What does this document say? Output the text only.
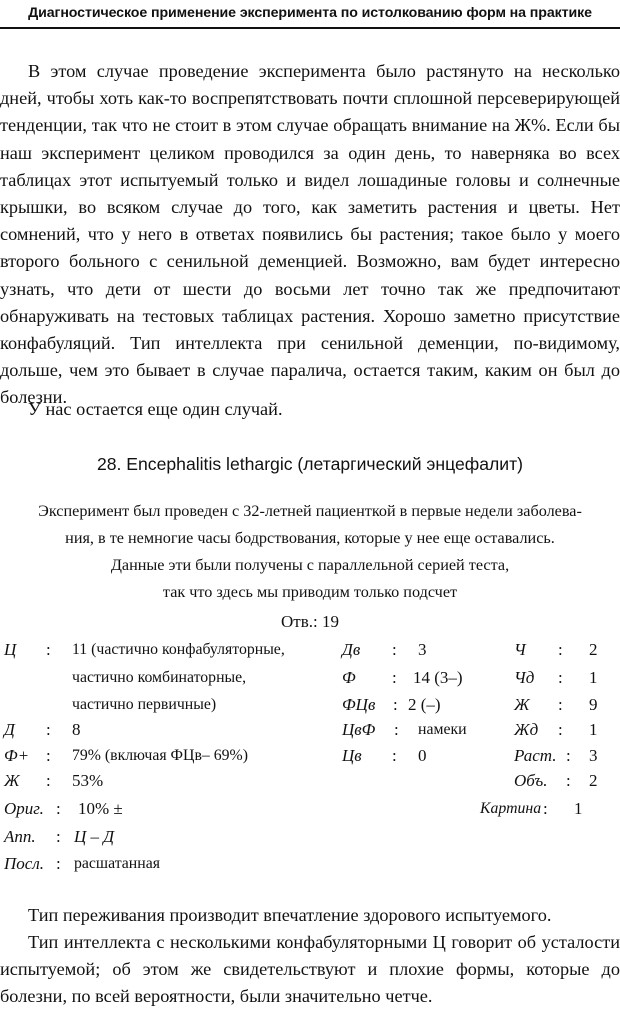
Диагностическое применение эксперимента по истолкованию форм на практике

В этом случае проведение эксперимента было растянуто на несколько дней, чтобы хоть как-то воспрепятствовать почти сплошной персеверирующей тенденции, так что не стоит в этом случае обращать внимание на Ж%. Если бы наш эксперимент целиком проводился за один день, то наверняка во всех таблицах этот испытуемый только и видел лошадиные головы и солнечные крышки, во всяком случае до того, как заметить растения и цветы. Нет сомнений, что у него в ответах появились бы растения; такое было у моего второго больного с сенильной деменцией. Возможно, вам будет интересно узнать, что дети от шести до восьми лет точно так же предпочитают обнаруживать на тестовых таблицах растения. Хорошо заметно присутствие конфабуляций. Тип интеллекта при сенильной деменции, по-видимому, дольше, чем это бывает в случае паралича, остается таким, каким он был до болезни.

У нас остается еще один случай.

28. Encephalitis lethargic (летаргический энцефалит)
Эксперимент был проведен с 32-летней пациенткой в первые недели заболева-
ния, в те немногие часы бодрствования, которые у нее еще оставались.
Данные эти были получены с параллельной серией теста,
так что здесь мы приводим только подсчет
Отв.: 19
Ц : 11 (частично конфабуляторные,
частично комбинаторные,
частично первичные)
Д : 8
Ф+ : 79% (включая ФЦв– 69%)
Ж : 53%
Ориг. : 10% ±
Апп. : Ц – Д
Посл. : расшатанная
Дв : 3
Ф : 14 (3–)
ФЦв : 2 (–)
ЦвФ : намеки
Цв : 0
Ч : 2
Чд : 1
Ж : 9
Жд : 1
Раст. : 3
Объ. : 2
Картина : 1

Тип переживания производит впечатление здорового испытуемого.

Тип интеллекта с несколькими конфабуляторными Ц говорит об усталости испытуемой; об этом же свидетельствуют и плохие формы, которые до болезни, по всей вероятности, были значительно четче.
